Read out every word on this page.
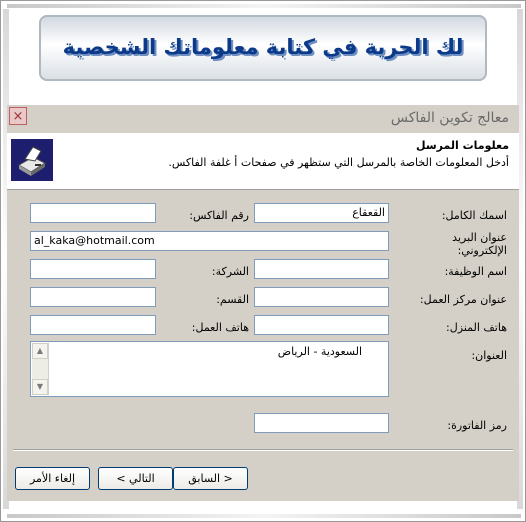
لك الحرية في كتابة معلوماتك الشخصية
×	معالج تكوين الفاكس
معلومات المرسل
أدخل المعلومات الخاصة بالمرسل التي ستظهر في صفحات أ غلفة الفاكس.
اسمك الكامل:
القعقاع
رقم الفاكس:
عنوان البريد الإلكتروني:
al_kaka@hotmail.com
اسم الوظيفة:
الشركة:
عنوان مركز العمل:
القسم:
هاتف المنزل:
هاتف العمل:
العنوان:
السعودية - الرياض
▲
▼
رمز الفاتورة:
< السابق
التالي >
إلغاء الأمر
